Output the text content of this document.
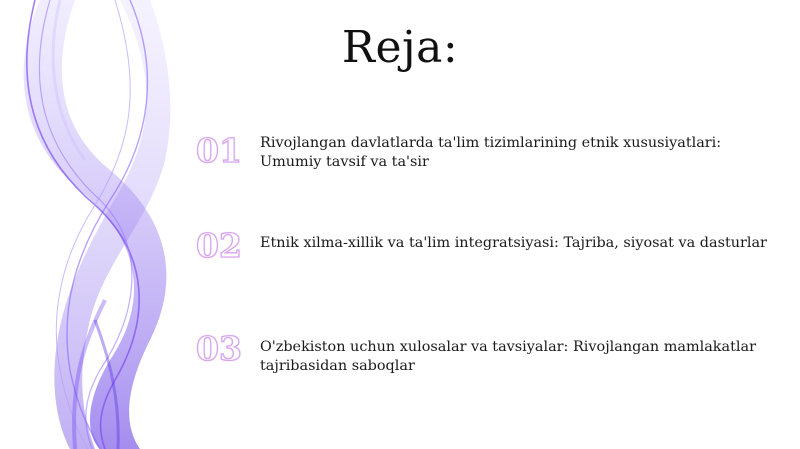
Reja:
01	Rivojlangan davlatlarda ta'lim tizimlarining etnik xususiyatlari: Umumiy tavsif va ta'sir
02	Etnik xilma-xillik va ta'lim integratsiyasi: Tajriba, siyosat va dasturlar
03	O'zbekiston uchun xulosalar va tavsiyalar: Rivojlangan mamlakatlar tajribasidan saboqlar
